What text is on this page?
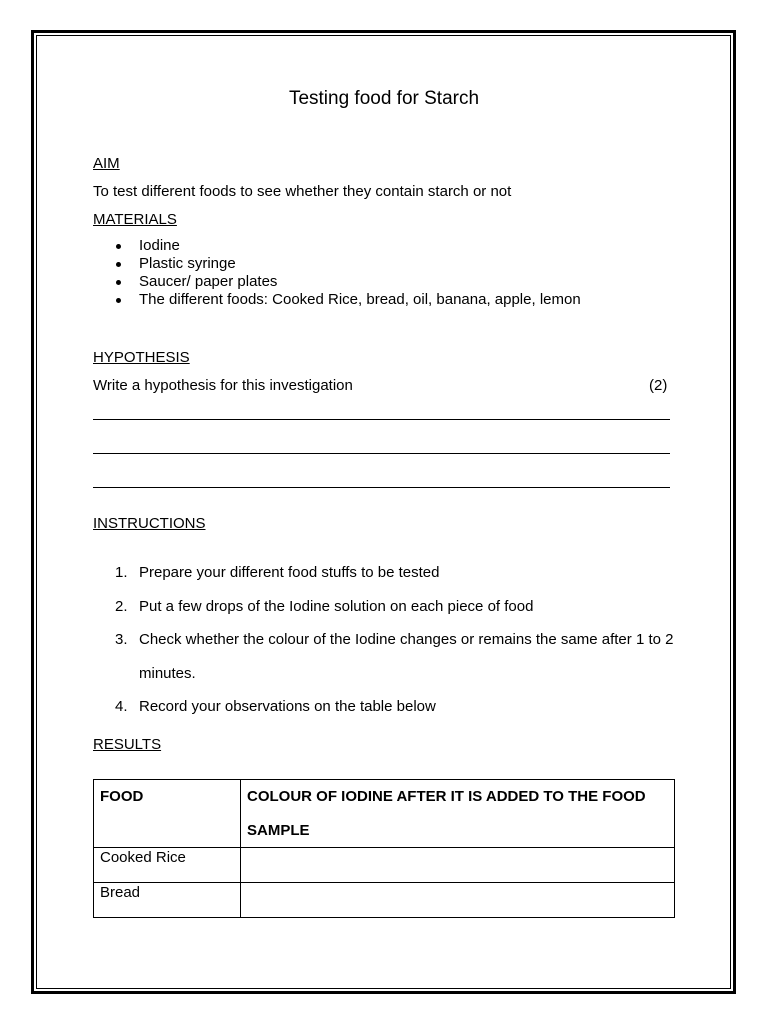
Testing food for Starch
AIM
To test different foods to see whether they contain starch or not
MATERIALS
Iodine
Plastic syringe
Saucer/ paper plates
The different foods: Cooked Rice, bread, oil, banana, apple, lemon
HYPOTHESIS
Write a hypothesis for this investigation	(2)
INSTRUCTIONS
1. Prepare your different food stuffs to be tested
2. Put a few drops of the Iodine solution on each piece of food
3. Check whether the colour of the Iodine changes or remains the same after 1 to 2 minutes.
4. Record your observations on the table below
RESULTS
FOOD	COLOUR OF IODINE AFTER IT IS ADDED TO THE FOOD SAMPLE
Cooked Rice	
Bread	
